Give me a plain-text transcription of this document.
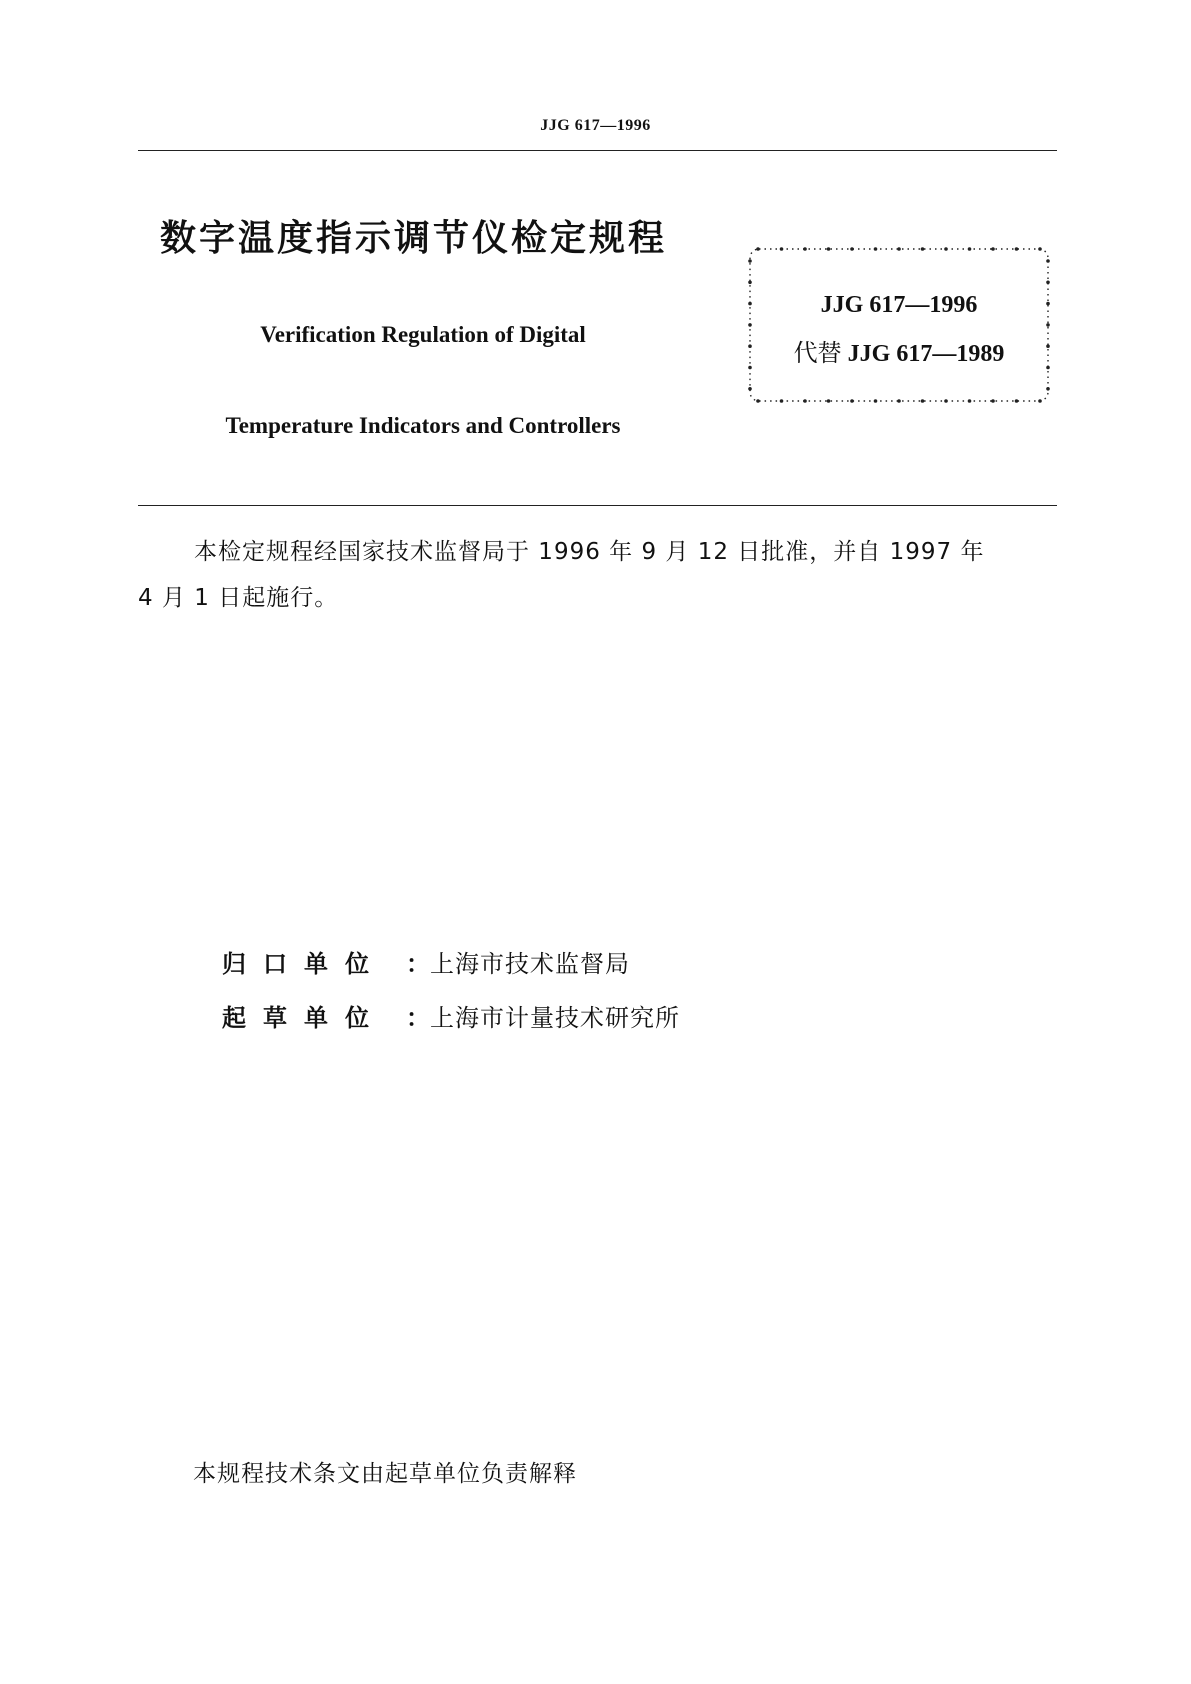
JJG 617—1996
数字温度指示调节仪检定规程
Verification Regulation of Digital
Temperature Indicators and Controllers
JJG 617—1996
代替 JJG 617—1989
本检定规程经国家技术监督局于 1996 年 9 月 12 日批准，并自 1997 年
4 月 1 日起施行。
归口单位 ：上海市技术监督局
起草单位 ：上海市计量技术研究所
本规程技术条文由起草单位负责解释
